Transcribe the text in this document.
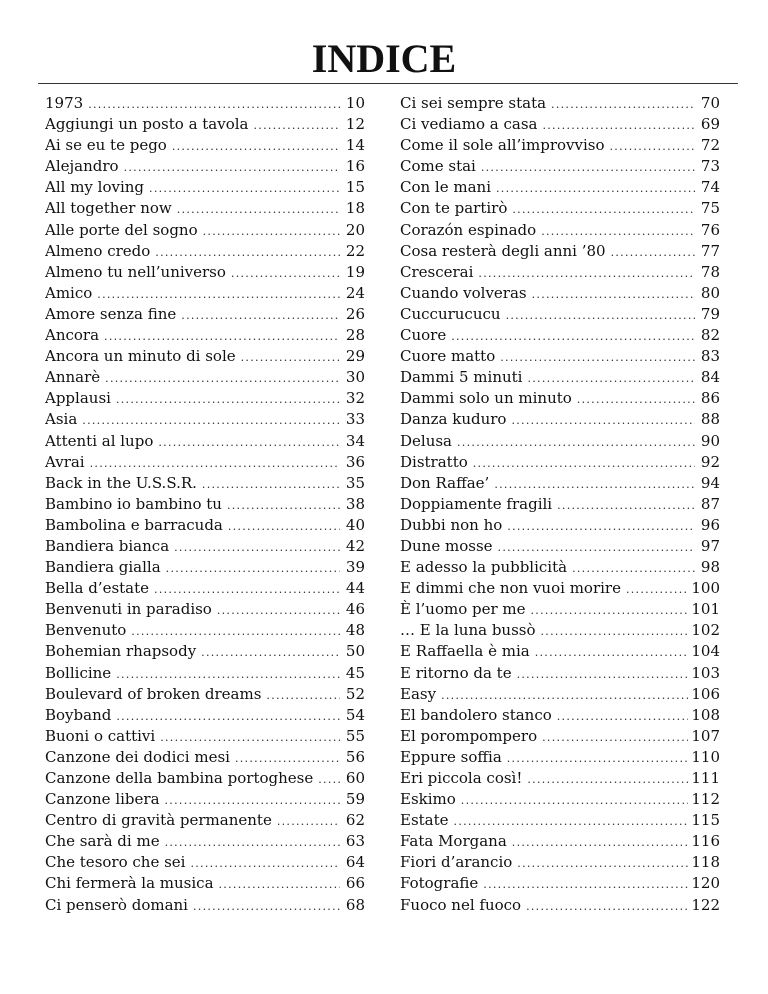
INDICE
1973 .....	10
Aggiungi un posto a tavola .....	12
Ai se eu te pego .....	14
Alejandro .....	16
All my loving .....	15
All together now .....	18
Alle porte del sogno .....	20
Almeno credo .....	22
Almeno tu nell’universo .....	19
Amico .....	24
Amore senza fine .....	26
Ancora .....	28
Ancora un minuto di sole .....	29
Annarè .....	30
Applausi .....	32
Asia .....	33
Attenti al lupo .....	34
Avrai .....	36
Back in the U.S.S.R. .....	35
Bambino io bambino tu .....	38
Bambolina e barracuda .....	40
Bandiera bianca .....	42
Bandiera gialla .....	39
Bella d’estate .....	44
Benvenuti in paradiso .....	46
Benvenuto .....	48
Bohemian rhapsody .....	50
Bollicine .....	45
Boulevard of broken dreams .....	52
Boyband .....	54
Buoni o cattivi .....	55
Canzone dei dodici mesi .....	56
Canzone della bambina portoghese ..... 60
Canzone libera .....	59
Centro di gravità permanente .....	62
Che sarà di me .....	63
Che tesoro che sei .....	64
Chi fermerà la musica .....	66
Ci penserò domani .....	68
Ci sei sempre stata .....	70
Ci vediamo a casa .....	69
Come il sole all’improvviso .....	72
Come stai .....	73
Con le mani .....	74
Con te partirò .....	75
Corazón espinado .....	76
Cosa resterà degli anni ’80 .....	77
Crescerai .....	78
Cuando volveras .....	80
Cuccurucucu .....	79
Cuore .....	82
Cuore matto .....	83
Dammi 5 minuti .....	84
Dammi solo un minuto .....	86
Danza kuduro .....	88
Delusa .....	90
Distratto .....	92
Don Raffae’ .....	94
Doppiamente fragili .....	87
Dubbi non ho .....	96
Dune mosse .....	97
E adesso la pubblicità .....	98
E dimmi che non vuoi morire .....	100
È l’uomo per me .....	101
… E la luna bussò .....	102
E Raffaella è mia .....	104
E ritorno da te .....	103
Easy .....	106
El bandolero stanco .....	108
El porompompero .....	107
Eppure soffia .....	110
Eri piccola così! .....	111
Eskimo .....	112
Estate .....	115
Fata Morgana .....	116
Fiori d’arancio .....	118
Fotografie .....	120
Fuoco nel fuoco .....	122
